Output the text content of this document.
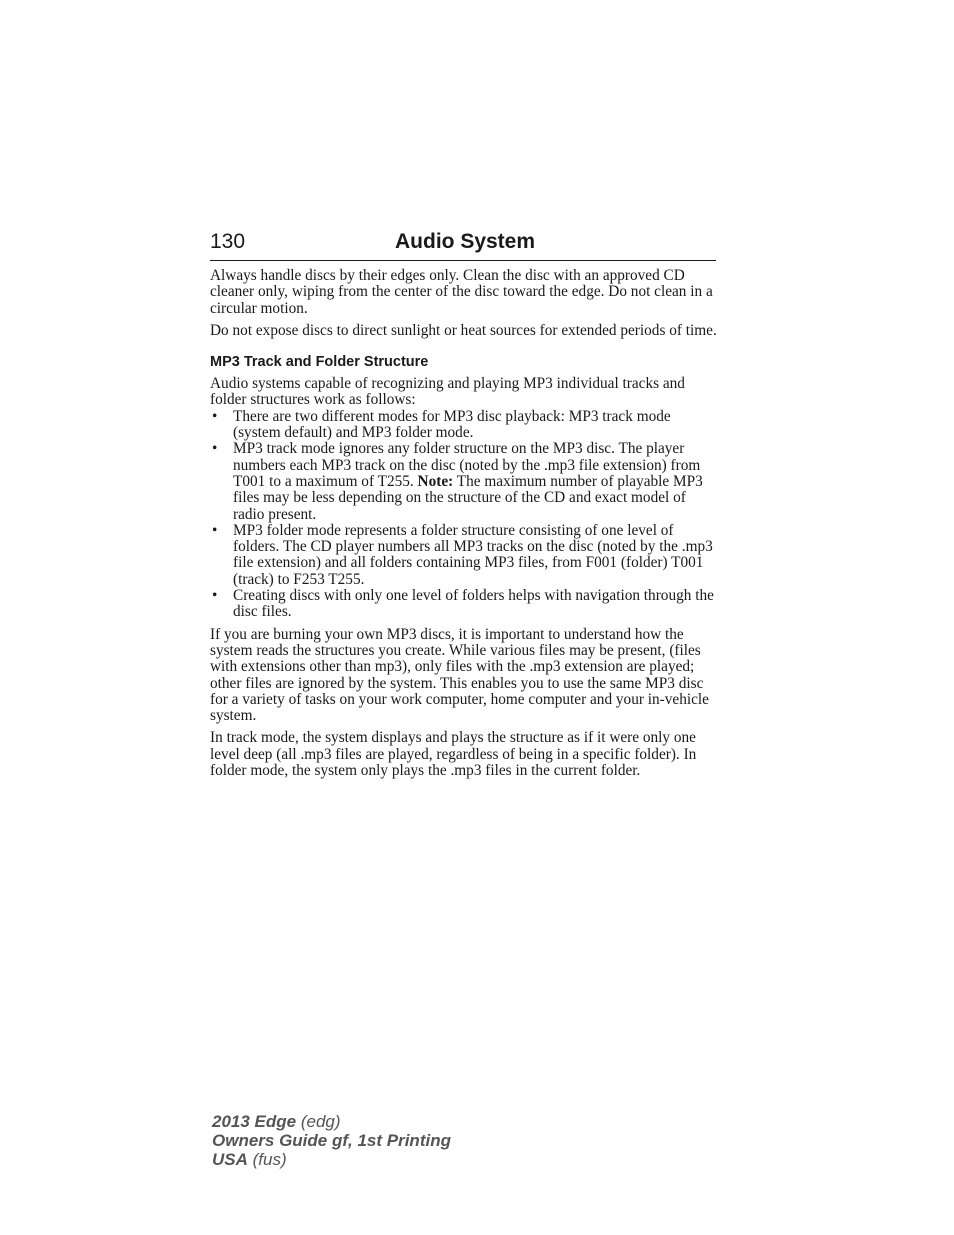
130	Audio System

Always handle discs by their edges only. Clean the disc with an approved CD cleaner only, wiping from the center of the disc toward the edge. Do not clean in a circular motion.

Do not expose discs to direct sunlight or heat sources for extended periods of time.

MP3 Track and Folder Structure

Audio systems capable of recognizing and playing MP3 individual tracks and folder structures work as follows:

• There are two different modes for MP3 disc playback: MP3 track mode (system default) and MP3 folder mode.
• MP3 track mode ignores any folder structure on the MP3 disc. The player numbers each MP3 track on the disc (noted by the .mp3 file extension) from T001 to a maximum of T255. Note: The maximum number of playable MP3 files may be less depending on the structure of the CD and exact model of radio present.
• MP3 folder mode represents a folder structure consisting of one level of folders. The CD player numbers all MP3 tracks on the disc (noted by the .mp3 file extension) and all folders containing MP3 files, from F001 (folder) T001 (track) to F253 T255.
• Creating discs with only one level of folders helps with navigation through the disc files.

If you are burning your own MP3 discs, it is important to understand how the system reads the structures you create. While various files may be present, (files with extensions other than mp3), only files with the .mp3 extension are played; other files are ignored by the system. This enables you to use the same MP3 disc for a variety of tasks on your work computer, home computer and your in-vehicle system.

In track mode, the system displays and plays the structure as if it were only one level deep (all .mp3 files are played, regardless of being in a specific folder). In folder mode, the system only plays the .mp3 files in the current folder.

2013 Edge (edg)
Owners Guide gf, 1st Printing
USA (fus)
